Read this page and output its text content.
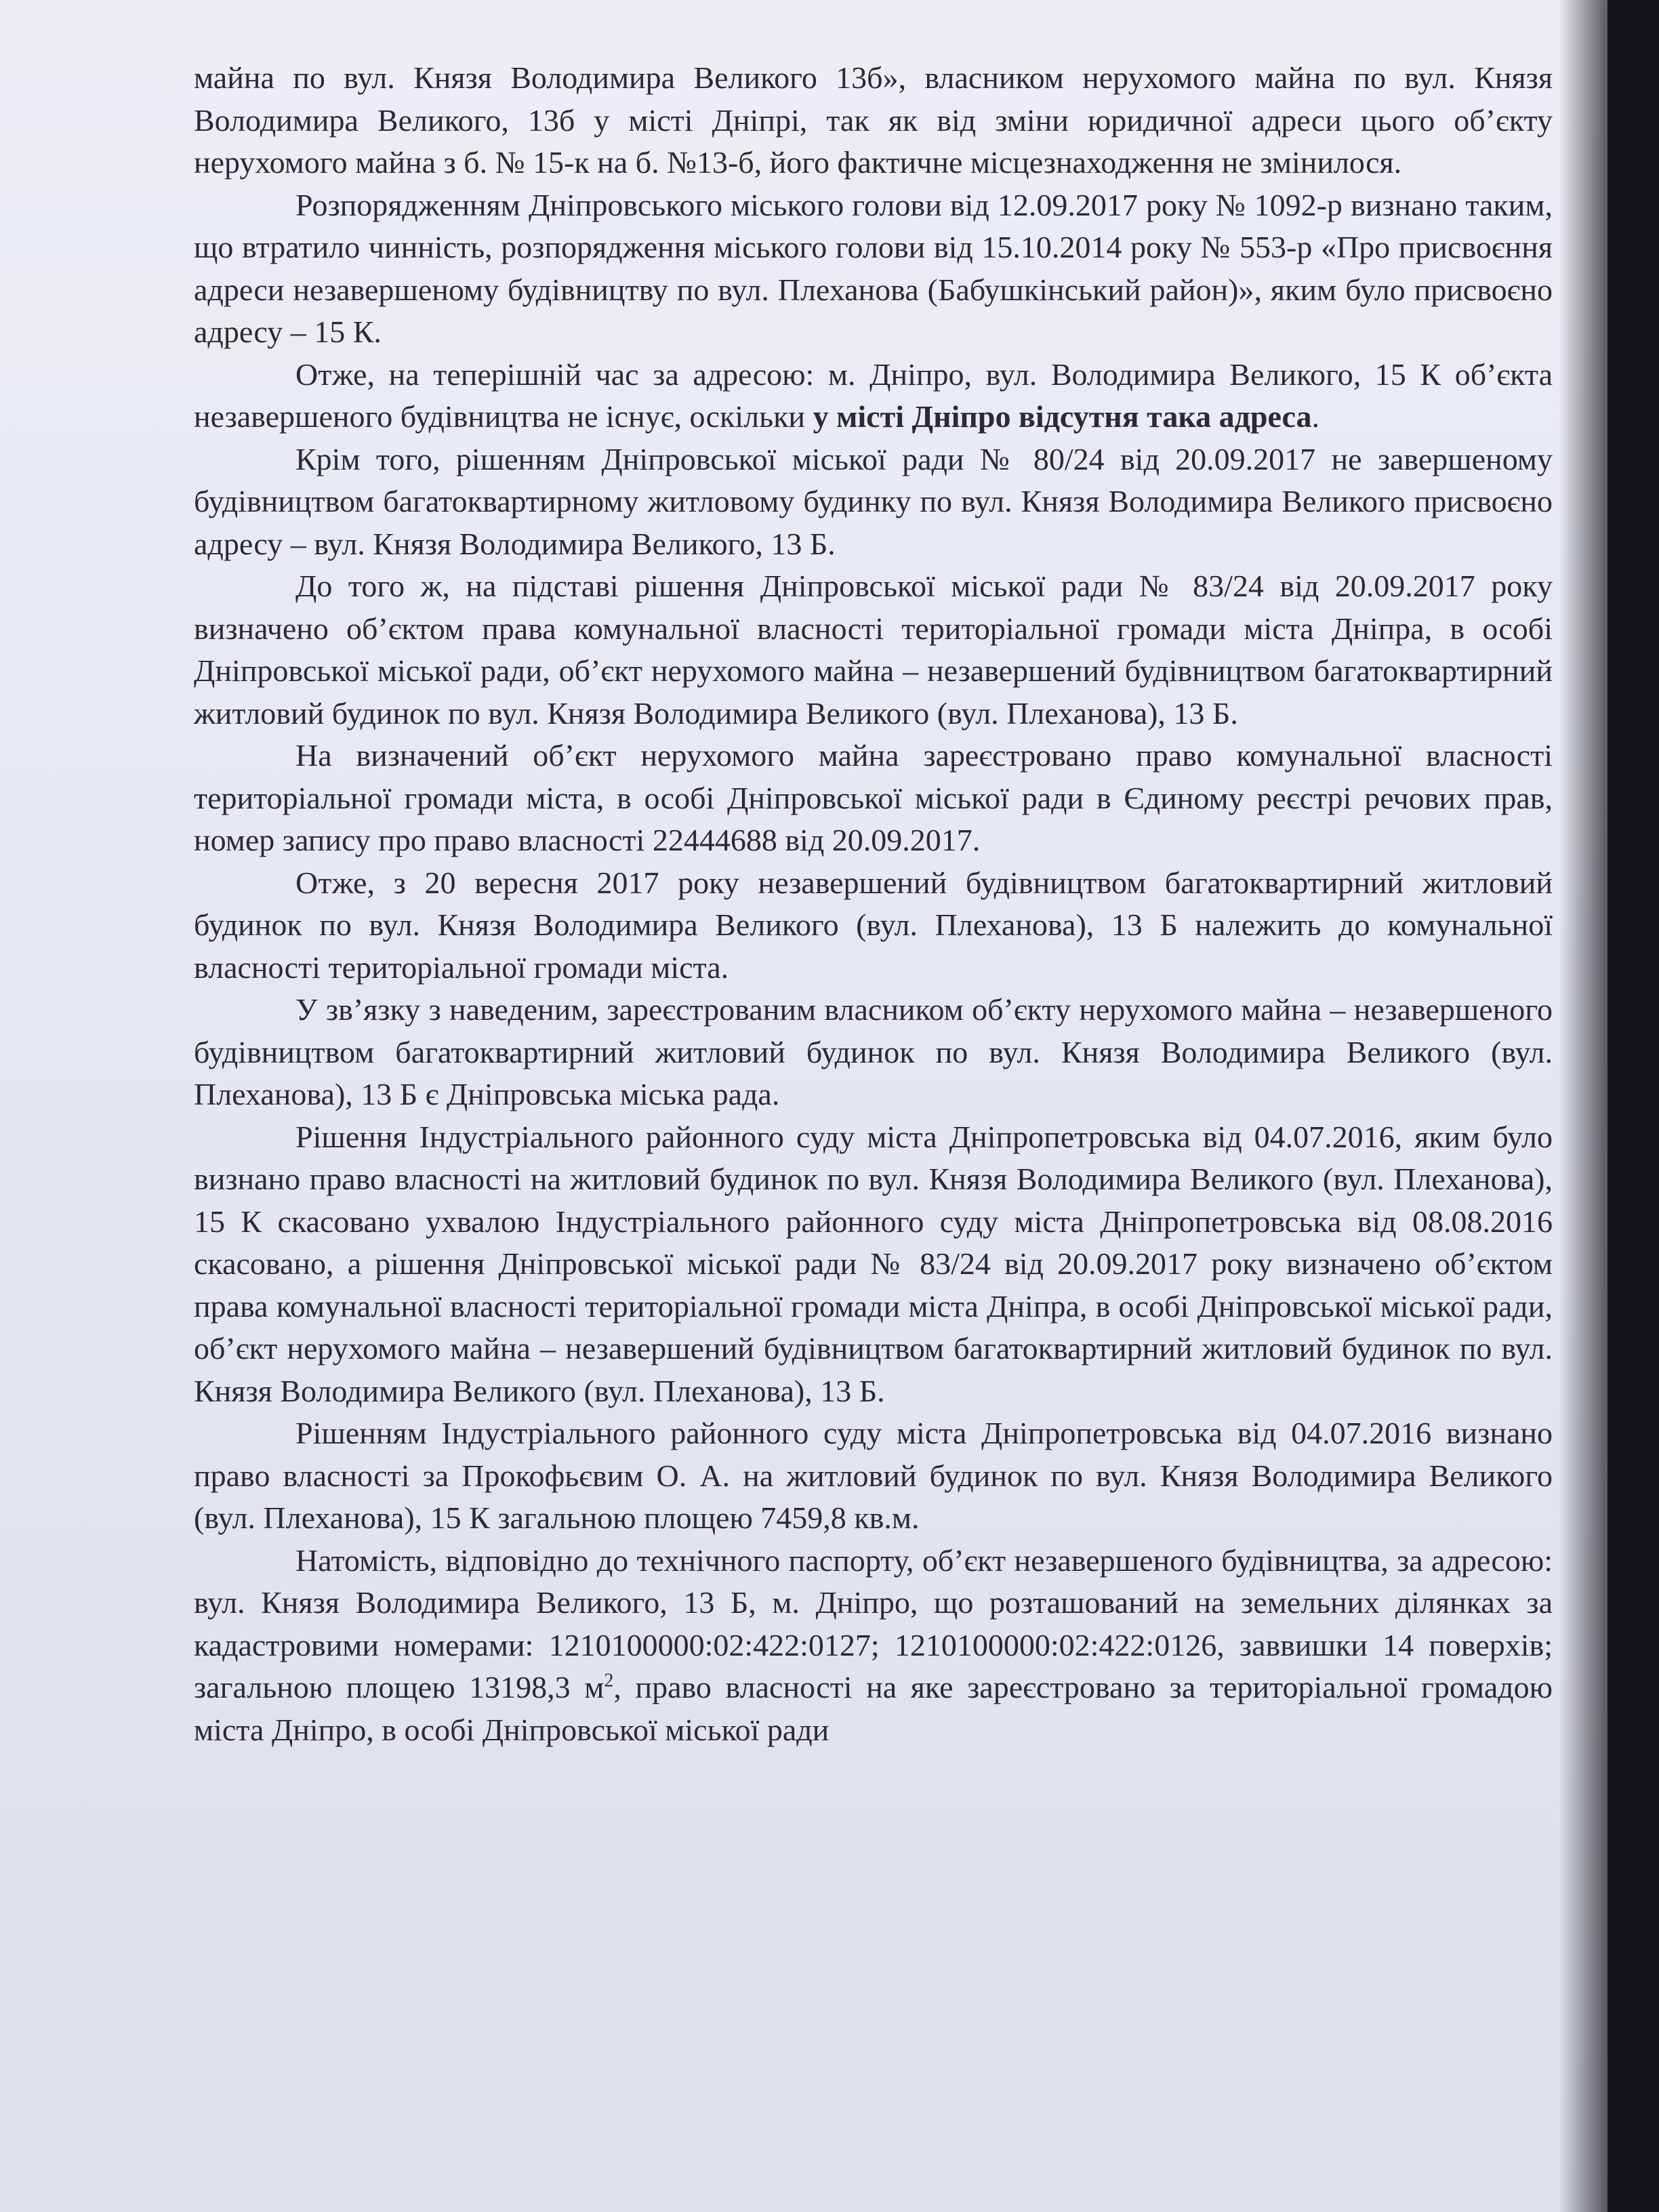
майна по вул. Князя Володимира Великого 13б», власником нерухомого майна по вул. Князя Володимира Великого, 13б у місті Дніпрі, так як від зміни юридичної адреси цього об’єкту нерухомого майна з б. № 15-к на б. №13-б, його фактичне місцезнаходження не змінилося.

Розпорядженням Дніпровського міського голови від 12.09.2017 року № 1092-р визнано таким, що втратило чинність, розпорядження міського голови від 15.10.2014 року № 553-р «Про присвоєння адреси незавершеному будівництву по вул. Плеханова (Бабушкінський район)», яким було присвоєно адресу – 15 К.

Отже, на теперішній час за адресою: м. Дніпро, вул. Володимира Великого, 15 К об’єкта незавершеного будівництва не існує, оскільки у місті Дніпро відсутня така адреса.

Крім того, рішенням Дніпровської міської ради № 80/24 від 20.09.2017 не завершеному будівництвом багатоквартирному житловому будинку по вул. Князя Володимира Великого присвоєно адресу – вул. Князя Володимира Великого, 13 Б.

До того ж, на підставі рішення Дніпровської міської ради № 83/24 від 20.09.2017 року визначено об’єктом права комунальної власності територіальної громади міста Дніпра, в особі Дніпровської міської ради, об’єкт нерухомого майна – незавершений будівництвом багатоквартирний житловий будинок по вул. Князя Володимира Великого (вул. Плеханова), 13 Б.

На визначений об’єкт нерухомого майна зареєстровано право комунальної власності територіальної громади міста, в особі Дніпровської міської ради в Єдиному реєстрі речових прав, номер запису про право власності 22444688 від 20.09.2017.

Отже, з 20 вересня 2017 року незавершений будівництвом багатоквартирний житловий будинок по вул. Князя Володимира Великого (вул. Плеханова), 13 Б належить до комунальної власності територіальної громади міста.

У зв’язку з наведеним, зареєстрованим власником об’єкту нерухомого майна – незавершеного будівництвом багатоквартирний житловий будинок по вул. Князя Володимира Великого (вул. Плеханова), 13 Б є Дніпровська міська рада.

Рішення Індустріального районного суду міста Дніпропетровська від 04.07.2016, яким було визнано право власності на житловий будинок по вул. Князя Володимира Великого (вул. Плеханова), 15 К скасовано ухвалою Індустріального районного суду міста Дніпропетровська від 08.08.2016 скасовано, а рішення Дніпровської міської ради № 83/24 від 20.09.2017 року визначено об’єктом права комунальної власності територіальної громади міста Дніпра, в особі Дніпровської міської ради, об’єкт нерухомого майна – незавершений будівництвом багатоквартирний житловий будинок по вул. Князя Володимира Великого (вул. Плеханова), 13 Б.

Рішенням Індустріального районного суду міста Дніпропетровська від 04.07.2016 визнано право власності за Прокофьєвим О. А. на житловий будинок по вул. Князя Володимира Великого (вул. Плеханова), 15 К загальною площею 7459,8 кв.м.

Натомість, відповідно до технічного паспорту, об’єкт незавершеного будівництва, за адресою: вул. Князя Володимира Великого, 13 Б, м. Дніпро, що розташований на земельних ділянках за кадастровими номерами: 1210100000:02:422:0127; 1210100000:02:422:0126, заввишки 14 поверхів; загальною площею 13198,3 $м^2$, право власності на яке зареєстровано за територіальної громадою міста Дніпро, в особі Дніпровської міської ради
